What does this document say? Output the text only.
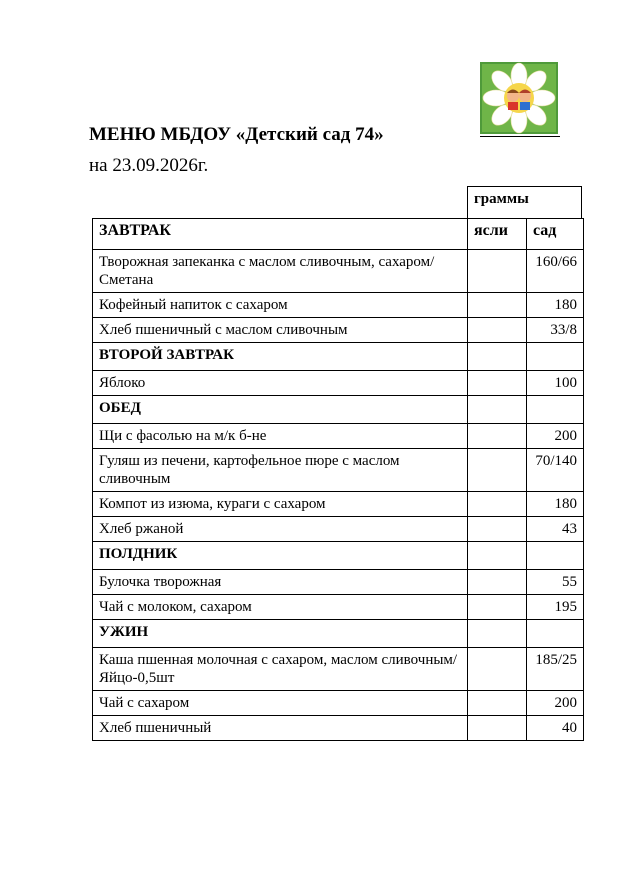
МЕНЮ МБДОУ «Детский сад 74»
на 23.09.2026г.
граммы
ЗАВТРАК	ясли	сад
Творожная запеканка с маслом сливочным, сахаром/Сметана		160/66
Кофейный напиток с сахаром		180
Хлеб пшеничный с маслом сливочным		33/8
ВТОРОЙ ЗАВТРАК		
Яблоко		100
ОБЕД		
Щи с фасолью на м/к б-не		200
Гуляш из печени, картофельное пюре с маслом сливочным		70/140
Компот из изюма, кураги с сахаром		180
Хлеб ржаной		43
ПОЛДНИК		
Булочка творожная		55
Чай с молоком, сахаром		195
УЖИН		
Каша пшенная молочная с сахаром, маслом сливочным/Яйцо-0,5шт		185/25
Чай с сахаром		200
Хлеб пшеничный		40
